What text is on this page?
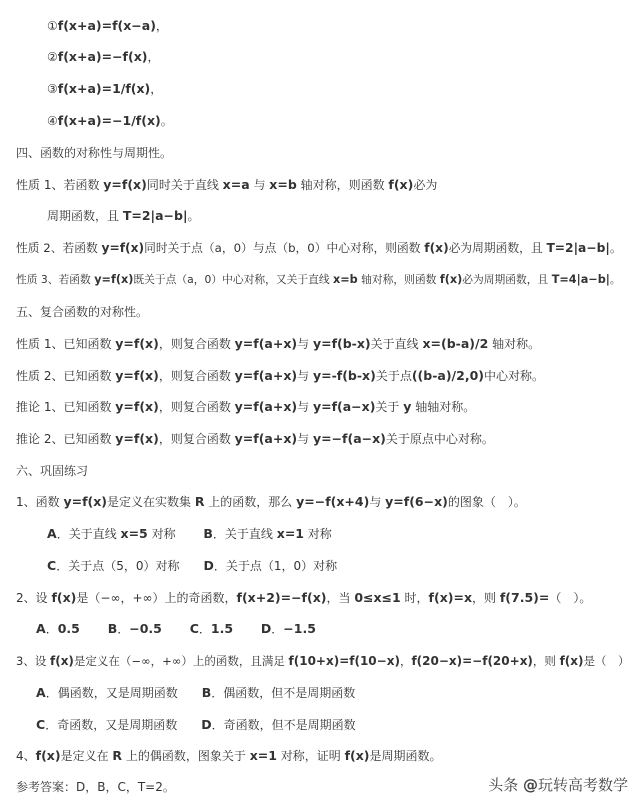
①f(x+a)=f(x−a)，
②f(x+a)=−f(x)，
③f(x+a)=1/f(x)，
④f(x+a)=−1/f(x)。
四、函数的对称性与周期性。
性质 1、若函数 y=f(x)同时关于直线 x=a 与 x=b 轴对称，则函数 f(x)必为
周期函数，且 T=2|a−b|。
性质 2、若函数 y=f(x)同时关于点（a，0）与点（b，0）中心对称，则函数 f(x)必为周期函数，且 T=2|a−b|。
性质 3、若函数 y=f(x)既关于点（a，0）中心对称，又关于直线 x=b 轴对称，则函数 f(x)必为周期函数，且 T=4|a−b|。
五、复合函数的对称性。
性质 1、已知函数 y=f(x)，则复合函数 y=f(a+x)与 y=f(b-x)关于直线 x=(b-a)/2 轴对称。
性质 2、已知函数 y=f(x)，则复合函数 y=f(a+x)与 y=-f(b-x)关于点((b-a)/2,0)中心对称。
推论 1、已知函数 y=f(x)，则复合函数 y=f(a+x)与 y=f(a−x)关于 y 轴轴对称。
推论 2、已知函数 y=f(x)，则复合函数 y=f(a+x)与 y=−f(a−x)关于原点中心对称。
六、巩固练习
1、函数 y=f(x)是定义在实数集 R 上的函数，那么 y=−f(x+4)与 y=f(6−x)的图象（　）。
A．关于直线 x=5 对称　　 B．关于直线 x=1 对称
C．关于点（5，0）对称　　D．关于点（1，0）对称
2、设 f(x)是（−∞，+∞）上的奇函数，f(x+2)=−f(x)，当 0≤x≤1 时，f(x)=x，则 f(7.5)=（　）。
A．0.5　　 B．−0.5　　 C．1.5　　 D．−1.5
3、设 f(x)是定义在（−∞，+∞）上的函数，且满足 f(10+x)=f(10−x)，f(20−x)=−f(20+x)，则 f(x)是（　）
A．偶函数，又是周期函数　　B．偶函数，但不是周期函数
C．奇函数，又是周期函数　　D．奇函数，但不是周期函数
4、f(x)是定义在 R 上的偶函数，图象关于 x=1 对称，证明 f(x)是周期函数。
参考答案：D，B，C，T=2。	头条 @玩转高考数学
